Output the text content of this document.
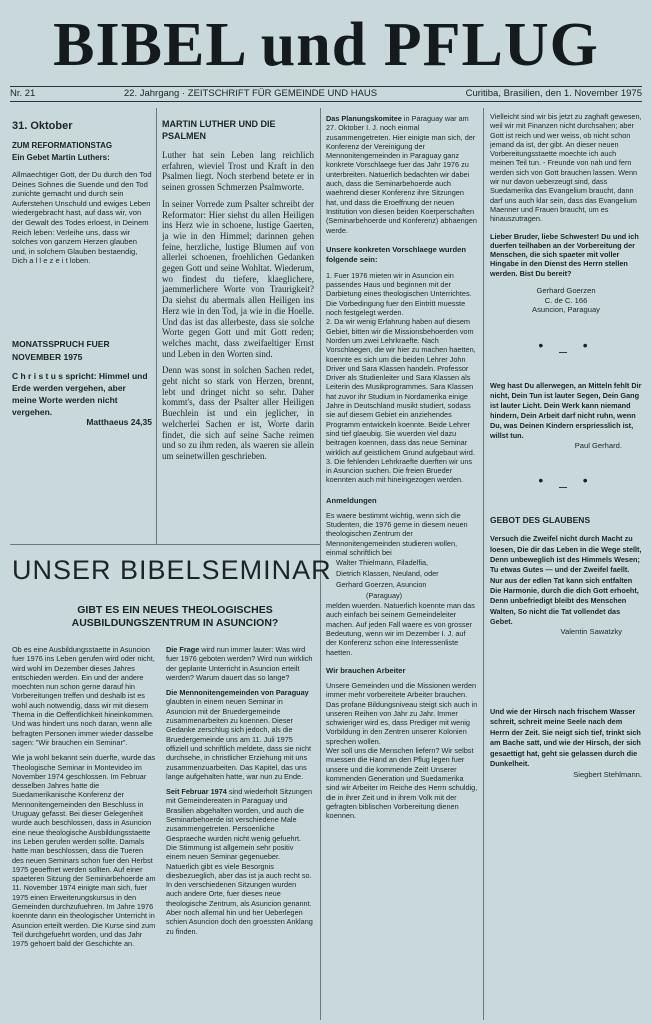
BIBEL und PFLUG
Nr. 21	22. Jahrgang · ZEITSCHRIFT FÜR GEMEINDE UND HAUS	Curitiba, Brasilien, den 1. November 1975
31. Oktober
ZUM REFORMATIONSTAG
Ein Gebet Martin Luthers:

Allmaechtiger Gott, der Du durch den Tod Deines Sohnes die Suende und den Tod zunichte gemacht und durch sein Auferstehen Unschuld und ewiges Leben wiedergebracht hast, auf dass wir, von der Gewalt des Todes erloest, in Deinem Reich leben: Verleihe uns, dass wir solches von ganzem Herzen glauben und, in solchem Glauben bestaendig, Dich a l l e z e i t loben.

MONATSSPRUCH FUER NOVEMBER 1975

C h r i s t u s spricht: Himmel und Erde werden vergehen, aber meine Worte werden nicht vergehen.

Matthaeus 24,35
MARTIN LUTHER UND DIE PSALMEN

Luther hat sein Leben lang reichlich erfahren, wieviel Trost und Kraft in den Psalmen liegt. Noch sterbend betete er in seinen grossen Schmerzen Psalmworte.

In seiner Vorrede zum Psalter schreibt der Reformator: Hier siehst du allen Heiligen ins Herz wie in schoene, lustige Gaerten, ja wie in den Himmel; darinnen gehen feine, herzliche, lustige Blumen auf von allerlei schoenen, froehlichen Gedanken gegen Gott und seine Wohltat. Wiederum, wo findest du tiefere, klaeglichere, jaemmerlichere Worte von Traurigkeit? Da siehst du abermals allen Heiligen ins Herz wie in den Tod, ja wie in die Hoelle. Und das ist das allerbeste, dass sie solche Worte gegen Gott und mit Gott reden; welches macht, dass zweifaeltiger Ernst und Leben in den Worten sind.

Denn was sonst in solchen Sachen redet, geht nicht so stark von Herzen, brennt, lebt und dringet nicht so sehr. Daher kommt's, dass der Psalter aller Heiligen Buechlein ist und ein jeglicher, in welcherlei Sachen er ist, Worte darin findet, die sich auf seine Sache reimen und so zu ihm reden, als waeren sie allein um seinetwillen geschrieben.

UNSER BIBELSEMINAR
GIBT ES EIN NEUES THEOLOGISCHES AUSBILDUNGSZENTRUM IN ASUNCION?

Ob es eine Ausbildungsstaette in Asuncion fuer 1976 ins Leben gerufen wird oder nicht, wird wohl im Dezember dieses Jahres entschieden werden. Ein und der andere moechten nun schon gerne darauf hin Vorbereitungen treffen und deshalb ist es wohl auch notwendig, dass wir mit diesem Thema in die Oeffentlichkeit hineinkommen. Und was hindert uns noch daran, wenn alle befragten Personen immer wieder dasselbe sagen: "Wir brauchen ein Seminar".

Wie ja wohl bekannt sein duerfte, wurde das Theologische Seminar in Montevideo im November 1974 geschlossen. Im Februar desselben Jahres hatte die Suedamerikanische Konferenz der Mennonitengemeinden den Beschluss in Uruguay gefasst. Bei dieser Gelegenheit wurde auch beschlossen, dass in Asuncion eine neue theologische Ausbildungsstaette ins Leben gerufen werden sollte. Damals hatte man beschlossen, dass die Tueren des neuen Seminars schon fuer den Herbst 1975 geoeffnet werden sollten. Auf einer spaeteren Sitzung der Seminarbehoerde am 11. November 1974 einigte man sich, fuer 1975 einen Erweiterungskursus in den Gemeinden durchzufuehren. Im Jahre 1976 koennte dann ein theologischer Unterricht in Asuncion erteilt werden. Die Kurse sind zum Teil durchgefuehrt worden, und das Jahr 1975 gehoert bald der Geschichte an.

Die Frage wird nun immer lauter: Was wird fuer 1976 geboten werden? Wird nun wirklich der geplante Unterricht in Asuncion erteilt werden? Warum dauert das so lange?

Die Mennonitengemeinden von Paraguay glaubten in einem neuen Seminar in Asuncion mit der Bruedergemeinde zusammenarbeiten zu koennen. Dieser Gedanke zerschlug sich jedoch, als die Bruedergemeinde uns am 11. Juli 1975 offiziell und schriftlich meldete, dass sie nicht durchsehe, in christlicher Erziehung mit uns zusammenzuarbeiten. Das Kapitel, das uns lange aufgehalten hatte, war nun zu Ende.

Seit Februar 1974 sind wiederholt Sitzungen mit Gemeindereaten in Paraguay und Brasilien abgehalten worden, und auch die Seminarbehoerde ist verschiedene Male zusammengetreten. Persoenliche Gespraeche wurden nicht wenig gefuehrt. Die Stimmung ist allgemein sehr positiv einem neuen Seminar gegenueber. Natuerlich gibt es viele Besorgnis diesbezueglich, aber das ist ja auch recht so. In den verschiedenen Sitzungen wurden auch andere Orte, fuer dieses neue theologische Zentrum, als Asuncion genannt. Aber noch allemal hin und her Ueberlegen schien Asuncion doch den groessten Anklang zu finden.

Das Planungskomitee in Paraguay war am 27. Oktober I. J. noch einmal zusammengetreten. Hier einigte man sich, der Konferenz der Vereinigung der Mennonitengemeinden in Paraguay ganz konkrete Vorschlaege fuer das Jahr 1976 zu unterbreiten. Natuerlich bedachten wir dabei auch, dass die Seminarbehoerde auch waehrend dieser Konferenz ihre Sitzungen hat, und dass die Eroeffnung der neuen Institution von diesen beiden Koerperschaften (Seminarbehoerde und Konferenz) abhaengen werde.

Unsere konkreten Vorschlaege wurden folgende sein:

1. Fuer 1976 mieten wir in Asuncion ein passendes Haus und beginnen mit der Darbietung eines theologischen Unterrichtes. Die Vorbedingung fuer den Eintritt muesste noch festgelegt werden.

2. Da wir wenig Erfahrung haben auf diesem Gebiet, bitten wir die Missionsbehoerden vom Norden um zwei Lehrkraefte. Nach Vorschlaegen, die wir hier zu machen haetten, koennte es sich um die beiden Lehrer John Driver und Sara Klassen handeln. Professor Driver als Studienleiter und Sara Klassen als Leiterin des Musikprogrammes. Sara Klassen hat zuvor ihr Studium in Nordamerika einige Jahre in Deutschland musikt studiert, sodass sie auf diesem Gebiet ein anziehendes Programm entwickeln koennte. Beide Lehrer sind tief glaeubig. Sie wuerden viel dazu beitragen koennen, dass das neue Seminar wirklich auf geistlichem Grund aufgebaut wird.

3. Die fehlenden Lehrkraefte duerften wir uns in Asuncion suchen. Die freien Brueder koennten auch mit hineingezogen werden.

Anmeldungen

Es waere bestimmt wichtig, wenn sich die Studenten, die 1976 gerne in diesem neuen theologischen Zentrum der Mennonitengemeinden studieren wollen, einmal schriftlich bei

Walter Thielmann, Filadelfia,
Dietrich Klassen, Neuland, oder
Gerhard Goerzen, Asuncion
(Paraguay)

melden wuerden. Natuerlich koennte man das auch einfach bei seinem Gemeindeleiter machen. Auf jeden Fall waere es von grosser Bedeutung, wenn wir im Dezember I. J. auf der Konferenz schon eine Interessenliste haetten.

Wir brauchen Arbeiter

Unsere Gemeinden und die Missionen werden immer mehr vorbereitete Arbeiter brauchen. Das profane Bildungsniveau steigt sich auch in unseren Reihen von Jahr zu Jahr. Immer schwieriger wird es, dass Prediger mit wenig Vorbildung in den Zentren unserer Kolonien sprechen wollen.

Wer soll uns die Menschen liefern? Wir selbst muessen die Hand an den Pflug legen fuer unsere und die kommende Zeit! Unserer kommenden Generation und Suedamerika sind wir Arbeiter im Reiche des Herrn schuldig, die in ihrer Zeit und in ihrem Volk mit der gefragten biblischen Vorbereitung dienen koennen.

Vielleicht sind wir bis jetzt zu zaghaft gewesen, weil wir mit Finanzen nicht durchsahen; aber Gott ist reich und wer weiss, ob nicht schon jemand da ist, der gibt. An dieser neuen Vorbereitungsstaette moechte ich auch meinen Teil tun. - Freunde von nah und fern werden sich von Gott brauchen lassen. Wenn wir nur davon ueberzeugt sind, dass Suedamerika das Evangelium braucht, dann darf uns auch klar sein, dass das Evangelium Maenner und Frauen braucht, um es hinauszutragen.

Lieber Bruder, liebe Schwester! Du und ich duerfen teilhaben an der Vorbereitung der Menschen, die sich spaeter mit voller Hingabe in den Dienst des Herrn stellen werden. Bist Du bereit?

Gerhard Goerzen
C. de C. 166
Asuncion, Paraguay
• _ •

Weg hast Du allerwegen, an Mitteln fehlt Dir nicht, Dein Tun ist lauter Segen, Dein Gang ist lauter Licht. Dein Werk kann niemand hindern, Dein Arbeit darf nicht ruhn, wenn Du, was Deinen Kindern erspriesslich ist, willst tun.

Paul Gerhard.
• _ •
GEBOT DES GLAUBENS

Versuch die Zweifel nicht durch Macht zu loesen, Die dir das Leben in die Wege stellt, Denn unbeweglich ist des Himmels Wesen; Tu etwas Gutes — und der Zweifel faellt. Nur aus der edlen Tat kann sich entfalten Die Harmonie, durch die dich Gott erhoeht, Denn unbefriedigt bleibt des Menschen Walten, So nicht die Tat vollendet das Gebet.

Valentin Sawatzky

Und wie der Hirsch nach frischem Wasser schreit, schreit meine Seele nach dem Herrn der Zeit. Sie neigt sich tief, trinkt sich am Bache satt, und wie der Hirsch, der sich gesaettigt hat, geht sie gelassen durch die Dunkelheit.

Siegbert Stehlmann.
